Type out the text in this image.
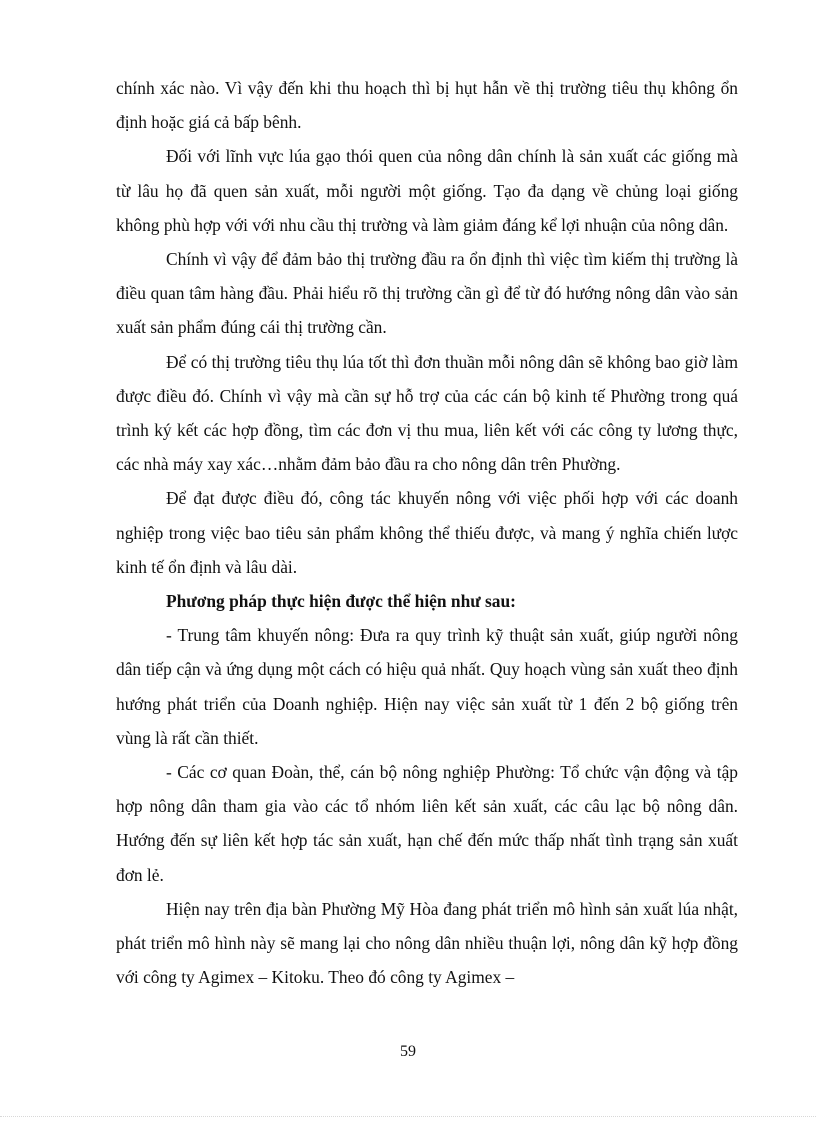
chính xác nào. Vì vậy đến khi thu hoạch thì bị hụt hẫn về thị trường tiêu thụ không ổn định hoặc giá cả bấp bênh.

Đối với lĩnh vực lúa gạo thói quen của nông dân chính là sản xuất các giống mà từ lâu họ đã quen sản xuất, mỗi người một giống. Tạo đa dạng về chủng loại giống không phù hợp với với nhu cầu thị trường và làm giảm đáng kể lợi nhuận của nông dân.

Chính vì vậy để đảm bảo thị trường đầu ra ổn định thì việc tìm kiếm thị trường là điều quan tâm hàng đầu. Phải hiểu rõ thị trường cần gì để từ đó hướng nông dân vào sản xuất sản phẩm đúng cái thị trường cần.

Để có thị trường tiêu thụ lúa tốt thì đơn thuần mỗi nông dân sẽ không bao giờ làm được điều đó. Chính vì vậy mà cần sự hỗ trợ của các cán bộ kinh tế Phường trong quá trình ký kết các hợp đồng, tìm các đơn vị thu mua, liên kết với các công ty lương thực, các nhà máy xay xác…nhằm đảm bảo đầu ra cho nông dân trên Phường.

Để đạt được điều đó, công tác khuyến nông với việc phối hợp với các doanh nghiệp trong việc bao tiêu sản phẩm không thể thiếu được, và mang ý nghĩa chiến lược kinh tế ổn định và lâu dài.

Phương pháp thực hiện được thể hiện như sau:

- Trung tâm khuyến nông: Đưa ra quy trình kỹ thuật sản xuất, giúp người nông dân tiếp cận và ứng dụng một cách có hiệu quả nhất. Quy hoạch vùng sản xuất theo định hướng phát triển của Doanh nghiệp. Hiện nay việc sản xuất từ 1 đến 2 bộ giống trên vùng là rất cần thiết.

- Các cơ quan Đoàn, thể, cán bộ nông nghiệp Phường: Tổ chức vận động và tập hợp nông dân tham gia vào các tổ nhóm liên kết sản xuất, các câu lạc bộ nông dân. Hướng đến sự liên kết hợp tác sản xuất, hạn chế đến mức thấp nhất tình trạng sản xuất đơn lẻ.

Hiện nay trên địa bàn Phường Mỹ Hòa đang phát triển mô hình sản xuất lúa nhật, phát triển mô hình này sẽ mang lại cho nông dân nhiều thuận lợi, nông dân kỹ hợp đồng với công ty Agimex – Kitoku. Theo đó công ty Agimex –

59
